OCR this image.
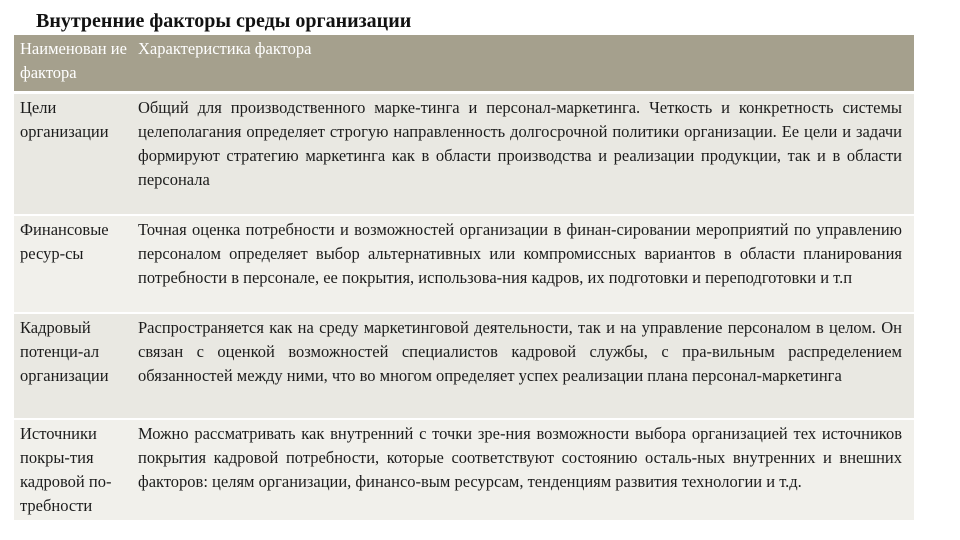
Внутренние факторы среды организации
Наименован ие фактора	Характеристика фактора
Цели организации	Общий для производственного марке-тинга и персонал-маркетинга. Четкость и конкретность системы целеполагания определяет строгую направленность долгосрочной политики организации. Ее цели и задачи формируют стратегию маркетинга как в области производства и реализации продукции, так и в области персонала
Финансовые ресур-сы	Точная оценка потребности и возможностей организации в финан-сировании мероприятий по управлению персоналом определяет выбор альтернативных или компромиссных вариантов в области планирования потребности в персонале, ее покрытия, использова-ния кадров, их подготовки и переподготовки и т.п
Кадровый потенци-ал организации	Распространяется как на среду маркетинговой деятельности, так и на управление персоналом в целом. Он связан с оценкой возможностей специалистов кадровой службы, с пра-вильным распределением обязанностей между ними, что во многом определяет успех реализации плана персонал-маркетинга
Источники покры-тия кадровой по-требности	Можно рассматривать как внутренний с точки зре-ния возможности выбора организацией тех источников покрытия кадровой потребности, которые соответствуют состоянию осталь-ных внутренних и внешних факторов: целям организации, финансо-вым ресурсам, тенденциям развития технологии и т.д.
